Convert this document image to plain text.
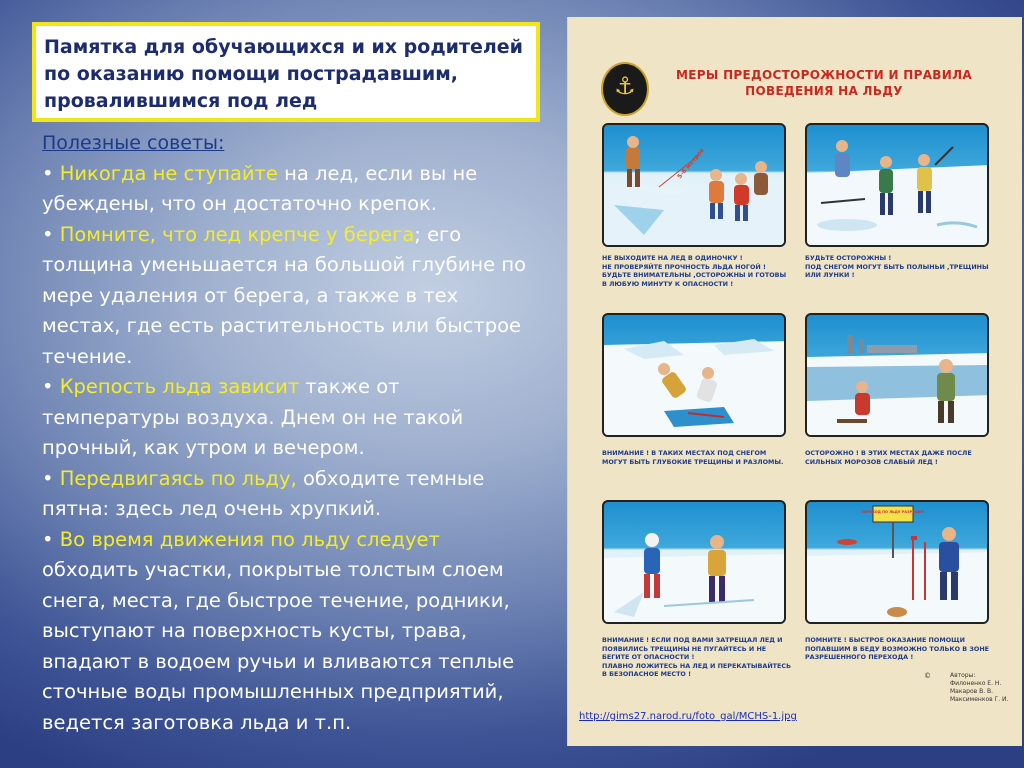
Памятка для обучающихся и их родителей
по оказанию помощи пострадавшим,
провалившимся под лед
Полезные советы:
• Никогда не ступайте на лед, если вы не убеждены, что он достаточно крепок.
• Помните, что лед крепче у берега; его толщина уменьшается на большой глубине по мере удаления от берега, а также в тех местах, где есть растительность или быстрое течение.
• Крепость льда зависит также от температуры воздуха. Днем он не такой прочный, как утром и вечером.
• Передвигаясь по льду, обходите темные пятна: здесь лед очень хрупкий.
• Во время движения по льду следует обходить участки, покрытые толстым слоем снега, места, где быстрое течение, родники, выступают на поверхность кусты, трава, впадают в водоем ручьи и вливаются теплые сточные воды промышленных предприятий, ведется заготовка льда и т.п.
⚓	МЕРЫ ПРЕДОСТОРОЖНОСТИ И ПРАВИЛА
ПОВЕДЕНИЯ НА ЛЬДУ
5-6 метров
НЕ ВЫХОДИТЕ НА ЛЕД В ОДИНОЧКУ !
НЕ ПРОВЕРЯЙТЕ ПРОЧНОСТЬ ЛЬДА НОГОЙ !
БУДЬТЕ ВНИМАТЕЛЬНЫ ,ОСТОРОЖНЫ И ГОТОВЫ
В ЛЮБУЮ МИНУТУ К ОПАСНОСТИ !
БУДЬТЕ ОСТОРОЖНЫ !
ПОД СНЕГОМ МОГУТ БЫТЬ ПОЛЫНЬИ ,ТРЕЩИНЫ
ИЛИ ЛУНКИ !
ВНИМАНИЕ ! В ТАКИХ МЕСТАХ ПОД СНЕГОМ
МОГУТ БЫТЬ ГЛУБОКИЕ ТРЕЩИНЫ И РАЗЛОМЫ.
ОСТОРОЖНО ! В ЭТИХ МЕСТАХ ДАЖЕ ПОСЛЕ
СИЛЬНЫХ МОРОЗОВ СЛАБЫЙ ЛЕД !
ПЕРЕХОД ПО ЛЬДУ РАЗРЕШЕН
ВНИМАНИЕ ! ЕСЛИ ПОД ВАМИ ЗАТРЕЩАЛ ЛЕД И
ПОЯВИЛИСЬ ТРЕЩИНЫ НЕ ПУГАЙТЕСЬ И НЕ
БЕГИТЕ ОТ ОПАСНОСТИ !
ПЛАВНО ЛОЖИТЕСЬ НА ЛЕД И ПЕРЕКАТЫВАЙТЕСЬ
В БЕЗОПАСНОЕ МЕСТО !
ПОМНИТЕ ! БЫСТРОЕ ОКАЗАНИЕ ПОМОЩИ
ПОПАВШИМ В БЕДУ ВОЗМОЖНО ТОЛЬКО В ЗОНЕ
РАЗРЕШЕННОГО ПЕРЕХОДА !
©	Авторы:
Филоненко Е. Н.
Макаров В. В.
Максименков Г. И.
http://gims27.narod.ru/foto_gal/MCHS-1.jpg
